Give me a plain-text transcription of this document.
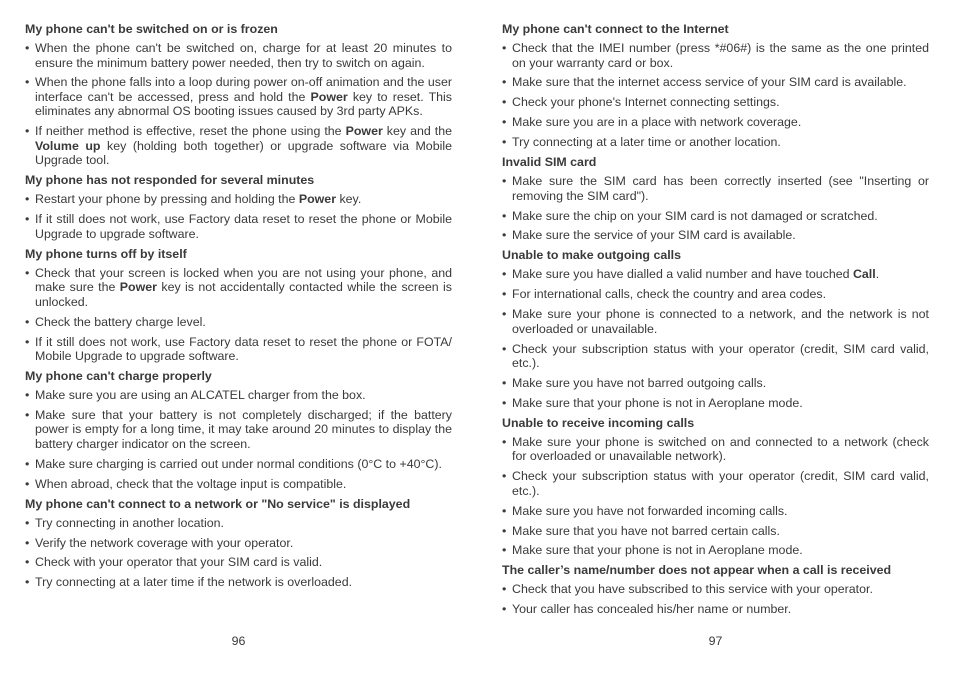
My phone can't be switched on or is frozen
• When the phone can't be switched on, charge for at least 20 minutes to ensure the minimum battery power needed, then try to switch on again.
• When the phone falls into a loop during power on-off animation and the user interface can't be accessed, press and hold the Power key to reset. This eliminates any abnormal OS booting issues caused by 3rd party APKs.
• If neither method is effective, reset the phone using the Power key and the Volume up key (holding both together) or upgrade software via Mobile Upgrade tool.
My phone has not responded for several minutes
• Restart your phone by pressing and holding the Power key.
• If it still does not work, use Factory data reset to reset the phone or Mobile Upgrade to upgrade software.
My phone turns off by itself
• Check that your screen is locked when you are not using your phone, and make sure the Power key is not accidentally contacted while the screen is unlocked.
• Check the battery charge level.
• If it still does not work, use Factory data reset to reset the phone or FOTA/ Mobile Upgrade to upgrade software.
My phone can't charge properly
• Make sure you are using an ALCATEL charger from the box.
• Make sure that your battery is not completely discharged; if the battery power is empty for a long time, it may take around 20 minutes to display the battery charger indicator on the screen.
• Make sure charging is carried out under normal conditions (0°C to +40°C).
• When abroad, check that the voltage input is compatible.
My phone can't connect to a network or "No service" is displayed
• Try connecting in another location.
• Verify the network coverage with your operator.
• Check with your operator that your SIM card is valid.
• Try connecting at a later time if the network is overloaded.
96
My phone can't connect to the Internet
• Check that the IMEI number (press *#06#) is the same as the one printed on your warranty card or box.
• Make sure that the internet access service of your SIM card is available.
• Check your phone's Internet connecting settings.
• Make sure you are in a place with network coverage.
• Try connecting at a later time or another location.
Invalid SIM card
• Make sure the SIM card has been correctly inserted (see "Inserting or removing the SIM card").
• Make sure the chip on your SIM card is not damaged or scratched.
• Make sure the service of your SIM card is available.
Unable to make outgoing calls
• Make sure you have dialled a valid number and have touched Call.
• For international calls, check the country and area codes.
• Make sure your phone is connected to a network, and the network is not overloaded or unavailable.
• Check your subscription status with your operator (credit, SIM card valid, etc.).
• Make sure you have not barred outgoing calls.
• Make sure that your phone is not in Aeroplane mode.
Unable to receive incoming calls
• Make sure your phone is switched on and connected to a network (check for overloaded or unavailable network).
• Check your subscription status with your operator (credit, SIM card valid, etc.).
• Make sure you have not forwarded incoming calls.
• Make sure that you have not barred certain calls.
• Make sure that your phone is not in Aeroplane mode.
The caller’s name/number does not appear when a call is received
• Check that you have subscribed to this service with your operator.
• Your caller has concealed his/her name or number.
97
